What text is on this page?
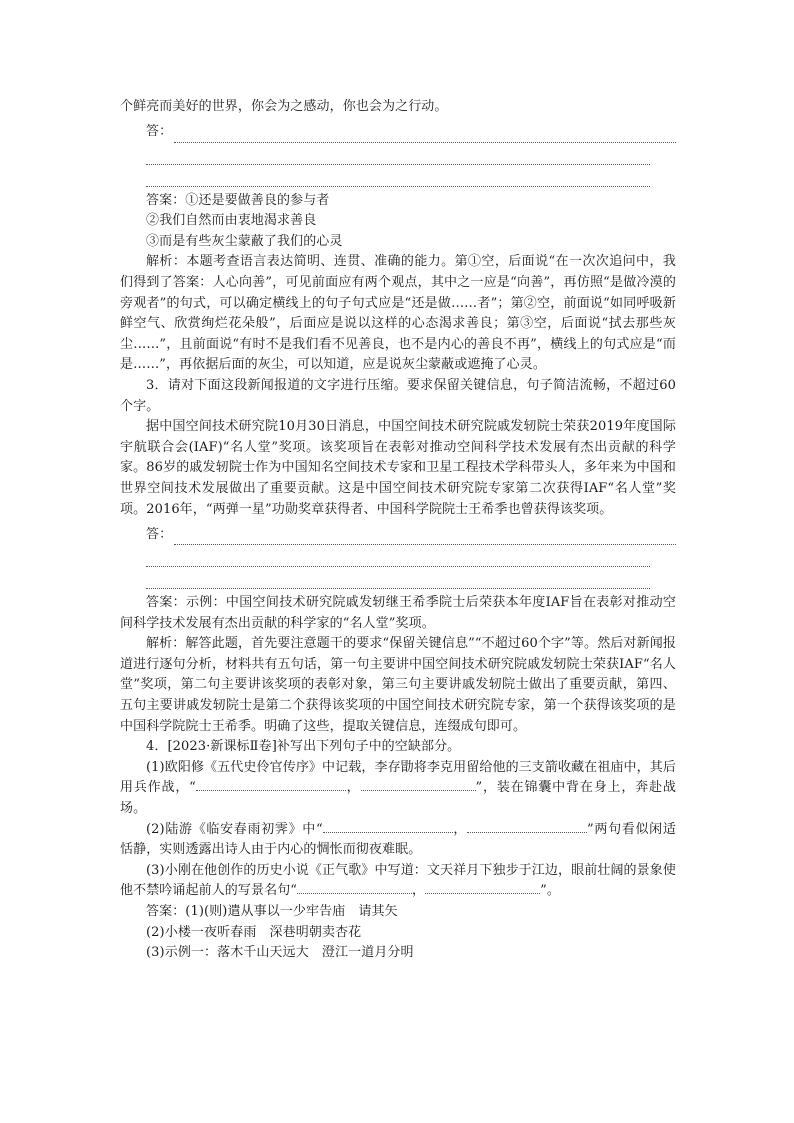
个鲜亮而美好的世界，你会为之感动，你也会为之行动。

答：

答案：①还是要做善良的参与者

②我们自然而由衷地渴求善良

③而是有些灰尘蒙蔽了我们的心灵

解析：本题考查语言表达简明、连贯、准确的能力。第①空，后面说“在一次次追问中，我们得到了答案：人心向善”，可见前面应有两个观点，其中之一应是“向善”，再仿照“是做冷漠的旁观者”的句式，可以确定横线上的句子句式应是“还是做……者”；第②空，前面说“如同呼吸新鲜空气、欣赏绚烂花朵般”，后面应是说以这样的心态渴求善良；第③空，后面说“拭去那些灰尘……”，且前面说“有时不是我们看不见善良，也不是内心的善良不再”，横线上的句式应是“而是……”，再依据后面的灰尘，可以知道，应是说灰尘蒙蔽或遮掩了心灵。

3．请对下面这段新闻报道的文字进行压缩。要求保留关键信息，句子简洁流畅，不超过60个字。

据中国空间技术研究院10月30日消息，中国空间技术研究院戚发轫院士荣获2019年度国际宇航联合会(IAF)“名人堂”奖项。该奖项旨在表彰对推动空间科学技术发展有杰出贡献的科学家。86岁的戚发轫院士作为中国知名空间技术专家和卫星工程技术学科带头人，多年来为中国和世界空间技术发展做出了重要贡献。这是中国空间技术研究院专家第二次获得IAF“名人堂”奖项。2016年，“两弹一星”功勋奖章获得者、中国科学院院士王希季也曾获得该奖项。

答：

答案：示例：中国空间技术研究院戚发轫继王希季院士后荣获本年度IAF旨在表彰对推动空间科学技术发展有杰出贡献的科学家的“名人堂”奖项。

解析：解答此题，首先要注意题干的要求“保留关键信息”“不超过60个字”等。然后对新闻报道进行逐句分析，材料共有五句话，第一句主要讲中国空间技术研究院戚发轫院士荣获IAF“名人堂”奖项，第二句主要讲该奖项的表彰对象，第三句主要讲戚发轫院士做出了重要贡献，第四、五句主要讲戚发轫院士是第二个获得该奖项的中国空间技术研究院专家，第一个获得该奖项的是中国科学院院士王希季。明确了这些，提取关键信息，连缀成句即可。

4．[2023·新课标Ⅱ卷]补写出下列句子中的空缺部分。

(1)欧阳修《五代史伶官传序》中记载，李存勖将李克用留给他的三支箭收藏在祖庙中，其后用兵作战，“	，	”，装在锦囊中背在身上，奔赴战场。

(2)陆游《临安春雨初霁》中“	，	”两句看似闲适恬静，实则透露出诗人由于内心的惆怅而彻夜难眠。

(3)小刚在他创作的历史小说《正气歌》中写道：文天祥月下独步于江边，眼前壮阔的景象使他不禁吟诵起前人的写景名句“	，	”。

答案：(1)(则)遣从事以一少牢告庙　请其矢

(2)小楼一夜听春雨　深巷明朝卖杏花

(3)示例一：落木千山天远大　澄江一道月分明
